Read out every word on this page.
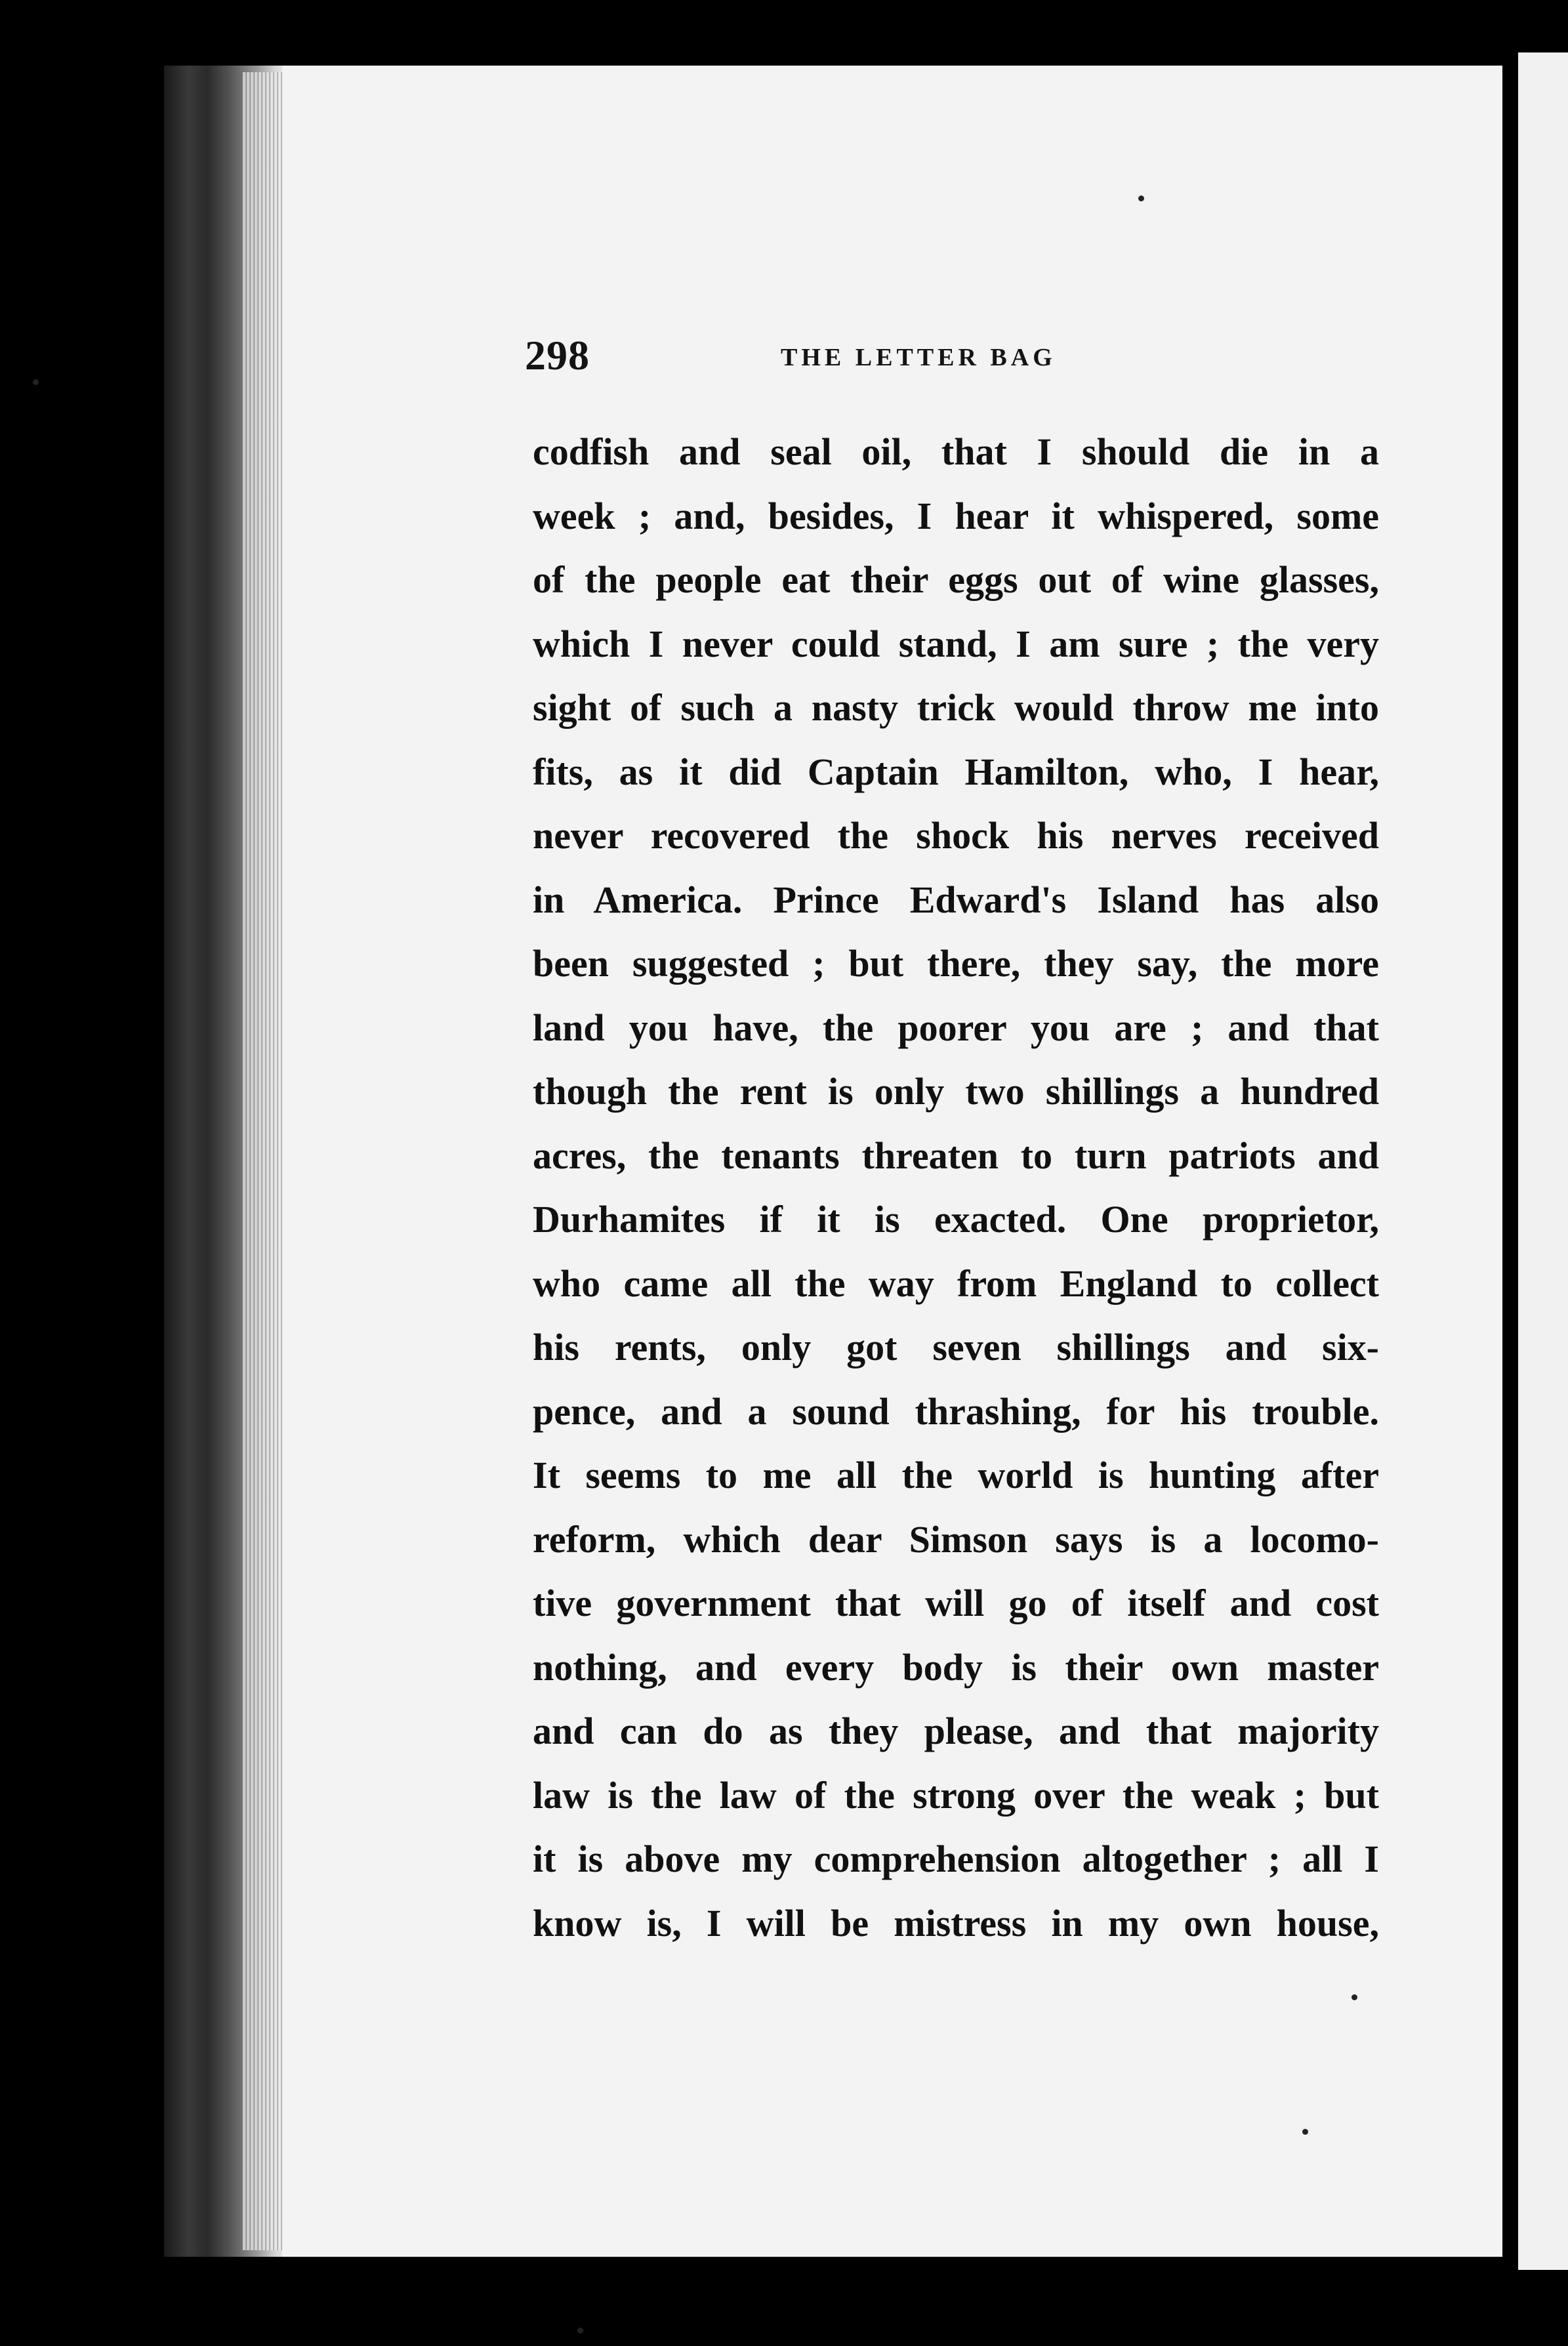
298	THE LETTER BAG
codfish and seal oil, that I should die in a
week ; and, besides, I hear it whispered, some
of the people eat their eggs out of wine glasses,
which I never could stand, I am sure ; the very
sight of such a nasty trick would throw me into
fits, as it did Captain Hamilton, who, I hear,
never recovered the shock his nerves received
in America. Prince Edward's Island has also
been suggested ; but there, they say, the more
land you have, the poorer you are ; and that
though the rent is only two shillings a hundred
acres, the tenants threaten to turn patriots and
Durhamites if it is exacted. One proprietor,
who came all the way from England to collect
his rents, only got seven shillings and six-
pence, and a sound thrashing, for his trouble.
It seems to me all the world is hunting after
reform, which dear Simson says is a locomo-
tive government that will go of itself and cost
nothing, and every body is their own master
and can do as they please, and that majority
law is the law of the strong over the weak ; but
it is above my comprehension altogether ; all I
know is, I will be mistress in my own house,
